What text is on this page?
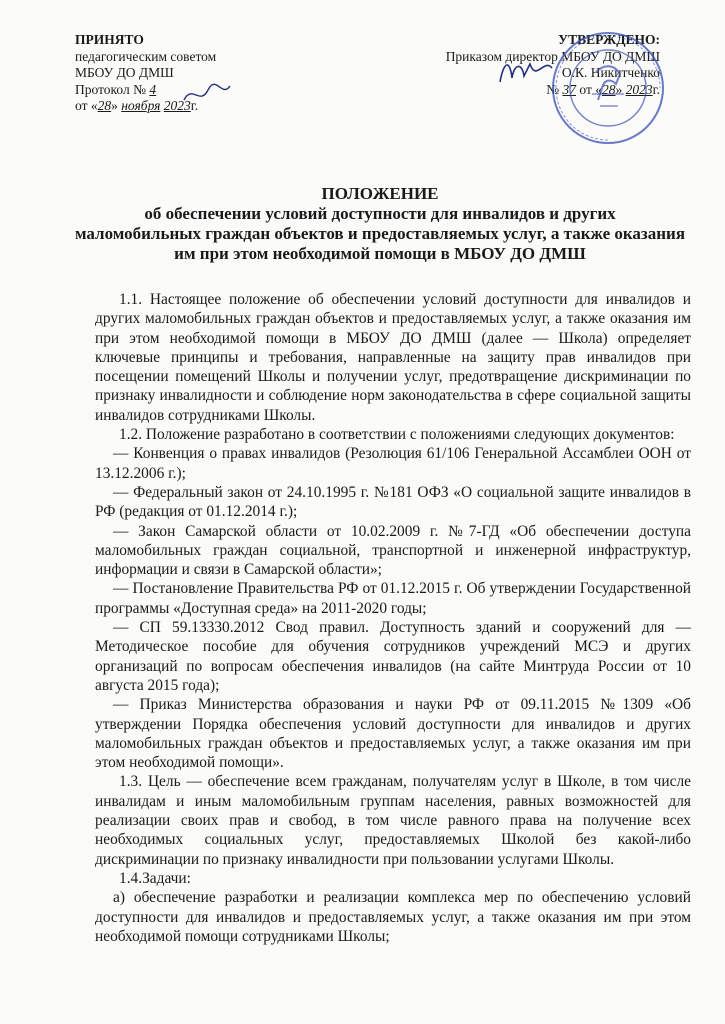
ПРИНЯТО
педагогическим советом
МБОУ ДО ДМШ
Протокол № 4
от «28» ноября 2023г.
УТВЕРЖДЕНО:
Приказом директор МБОУ ДО ДМШ
О.К. Никитченко
№ 37 от «28» 2023г.
ПОЛОЖЕНИЕ
об обеспечении условий доступности для инвалидов и других
маломобильных граждан объектов и предоставляемых услуг, а также оказания
им при этом необходимой помощи в МБОУ ДО ДМШ

1.1. Настоящее положение об обеспечении условий доступности для инвалидов и других маломобильных граждан объектов и предоставляемых услуг, а также оказания им при этом необходимой помощи в МБОУ ДО ДМШ (далее — Школа) определяет ключевые принципы и требования, направленные на защиту прав инвалидов при посещении помещений Школы и получении услуг, предотвращение дискриминации по признаку инвалидности и соблюдение норм законодательства в сфере социальной защиты инвалидов сотрудниками Школы.

1.2. Положение разработано в соответствии с положениями следующих документов:

— Конвенция о правах инвалидов (Резолюция 61/106 Генеральной Ассамблеи ООН от 13.12.2006 г.);

— Федеральный закон от 24.10.1995 г. №181 ОФЗ «О социальной защите инвалидов в РФ (редакция от 01.12.2014 г.);

— Закон Самарской области от 10.02.2009 г. №7-ГД «Об обеспечении доступа маломобильных граждан социальной, транспортной и инженерной инфраструктур, информации и связи в Самарской области»;

— Постановление Правительства РФ от 01.12.2015 г. Об утверждении Государственной программы «Доступная среда» на 2011-2020 годы;

— СП 59.13330.2012 Свод правил. Доступность зданий и сооружений для — Методическое пособие для обучения сотрудников учреждений МСЭ и других организаций по вопросам обеспечения инвалидов (на сайте Минтруда России от 10 августа 2015 года);

— Приказ Министерства образования и науки РФ от 09.11.2015 №1309 «Об утверждении Порядка обеспечения условий доступности для инвалидов и других маломобильных граждан объектов и предоставляемых услуг, а также оказания им при этом необходимой помощи».

1.3. Цель — обеспечение всем гражданам, получателям услуг в Школе, в том числе инвалидам и иным маломобильным группам населения, равных возможностей для реализации своих прав и свобод, в том числе равного права на получение всех необходимых социальных услуг, предоставляемых Школой без какой-либо дискриминации по признаку инвалидности при пользовании услугами Школы.

1.4.Задачи:

а) обеспечение разработки и реализации комплекса мер по обеспечению условий доступности для инвалидов и предоставляемых услуг, а также оказания им при этом необходимой помощи сотрудниками Школы;
